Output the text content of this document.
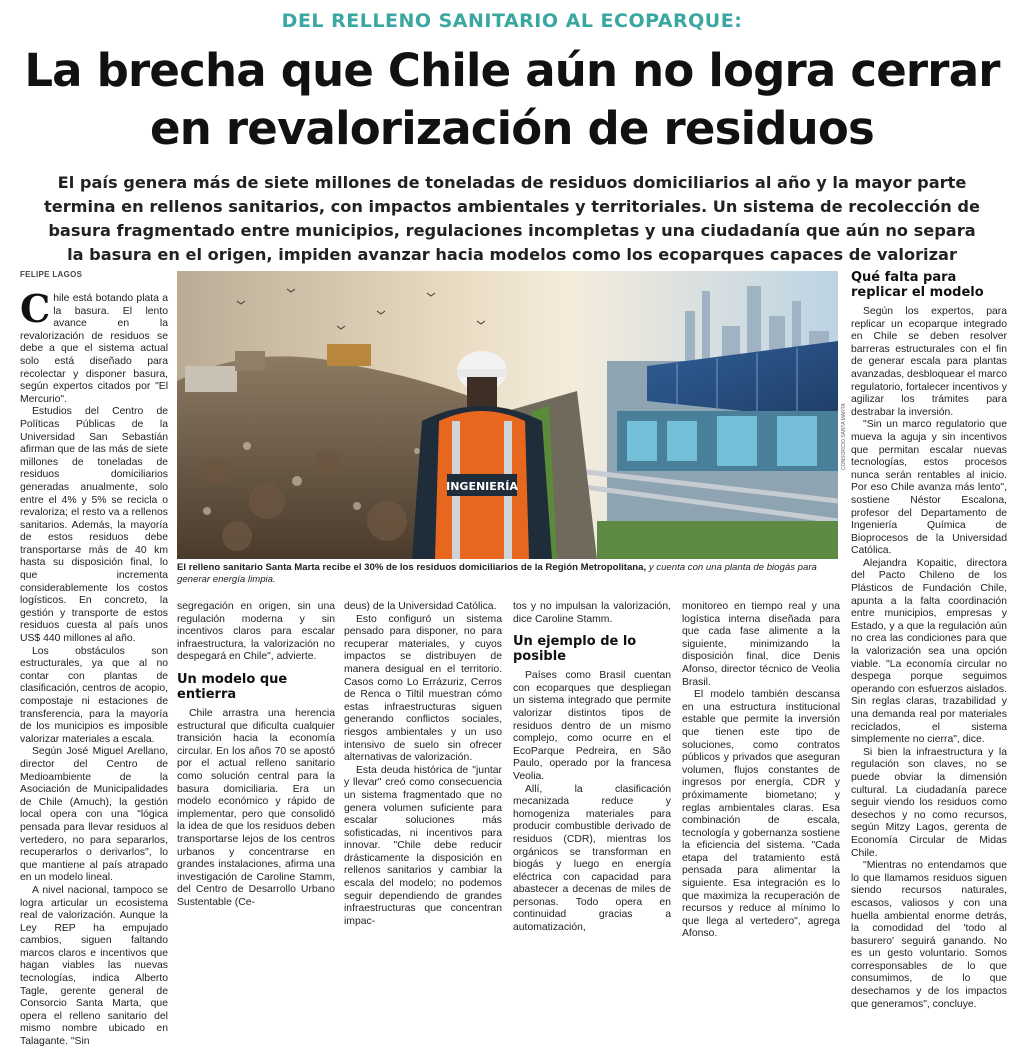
DEL RELLENO SANITARIO AL ECOPARQUE:
La brecha que Chile aún no logra cerrar
en revalorización de residuos
El país genera más de siete millones de toneladas de residuos domiciliarios al año y la mayor parte termina en rellenos sanitarios, con impactos ambientales y territoriales. Un sistema de recolección de basura fragmentado entre municipios, regulaciones incompletas y una ciudadanía que aún no separa la basura en el origen, impiden avanzar hacia modelos como los ecoparques capaces de valorizar
FELIPE LAGOS

Chile está botando plata a la basura. El lento avance en la revalorización de residuos se debe a que el sistema actual solo está diseñado para recolectar y disponer basura, según expertos citados por "El Mercurio".

Estudios del Centro de Políticas Públicas de la Universidad San Sebastián afirman que de las más de siete millones de toneladas de residuos domiciliarios generadas anualmente, solo entre el 4% y 5% se recicla o revaloriza; el resto va a rellenos sanitarios. Además, la mayoría de estos residuos debe transportarse más de 40 km hasta su disposición final, lo que incrementa considerablemente los costos logísticos. En concreto, la gestión y transporte de estos residuos cuesta al país unos US$ 440 millones al año.

Los obstáculos son estructurales, ya que al no contar con plantas de clasificación, centros de acopio, compostaje ni estaciones de transferencia, para la mayoría de los municipios es imposible valorizar materiales a escala.

Según José Miguel Arellano, director del Centro de Medioambiente de la Asociación de Municipalidades de Chile (Amuch), la gestión local opera con una "lógica pensada para llevar residuos al vertedero, no para separarlos, recuperarlos o derivarlos", lo que mantiene al país atrapado en un modelo lineal.

A nivel nacional, tampoco se logra articular un ecosistema real de valorización. Aunque la Ley REP ha empujado cambios, siguen faltando marcos claros e incentivos que hagan viables las nuevas tecnologías, indica Alberto Tagle, gerente general de Consorcio Santa Marta, que opera el relleno sanitario del mismo nombre ubicado en Talagante. "Sin

INGENIERÍA
CONSORCIO SANTA MARTA
El relleno sanitario Santa Marta recibe el 30% de los residuos domiciliarios de la Región Metropolitana, y cuenta con una planta de biogás para generar energía limpia.

segregación en origen, sin una regulación moderna y sin incentivos claros para escalar infraestructura, la valorización no despegará en Chile", advierte.

Un modelo que entierra

Chile arrastra una herencia estructural que dificulta cualquier transición hacia la economía circular. En los años 70 se apostó por el actual relleno sanitario como solución central para la basura domiciliaria. Era un modelo económico y rápido de implementar, pero que consolidó la idea de que los residuos deben transportarse lejos de los centros urbanos y concentrarse en grandes instalaciones, afirma una investigación de Caroline Stamm, del Centro de Desarrollo Urbano Sustentable (Ce-

deus) de la Universidad Católica.

Esto configuró un sistema pensado para disponer, no para recuperar materiales, y cuyos impactos se distribuyen de manera desigual en el territorio. Casos como Lo Errázuriz, Cerros de Renca o Tiltil muestran cómo estas infraestructuras siguen generando conflictos sociales, riesgos ambientales y un uso intensivo de suelo sin ofrecer alternativas de valorización.

Esta deuda histórica de "juntar y llevar" creó como consecuencia un sistema fragmentado que no genera volumen suficiente para escalar soluciones más sofisticadas, ni incentivos para innovar. "Chile debe reducir drásticamente la disposición en rellenos sanitarios y cambiar la escala del modelo; no podemos seguir dependiendo de grandes infraestructuras que concentran impac-

tos y no impulsan la valorización, dice Caroline Stamm.

Un ejemplo de lo posible

Países como Brasil cuentan con ecoparques que despliegan un sistema integrado que permite valorizar distintos tipos de residuos dentro de un mismo complejo, como ocurre en el EcoParque Pedreira, en São Paulo, operado por la francesa Veolia.

Allí, la clasificación mecanizada reduce y homogeniza materiales para producir combustible derivado de residuos (CDR), mientras los orgánicos se transforman en biogás y luego en energía eléctrica con capacidad para abastecer a decenas de miles de personas. Todo opera en continuidad gracias a automatización,

monitoreo en tiempo real y una logística interna diseñada para que cada fase alimente a la siguiente, minimizando la disposición final, dice Denis Afonso, director técnico de Veolia Brasil.

El modelo también descansa en una estructura institucional estable que permite la inversión que tienen este tipo de soluciones, como contratos públicos y privados que aseguran volumen, flujos constantes de ingresos por energía, CDR y próximamente biometano; y reglas ambientales claras. Esa combinación de escala, tecnología y gobernanza sostiene la eficiencia del sistema. "Cada etapa del tratamiento está pensada para alimentar la siguiente. Esa integración es lo que maximiza la recuperación de recursos y reduce al mínimo lo que llega al vertedero", agrega Afonso.

Qué falta para replicar el modelo

Según los expertos, para replicar un ecoparque integrado en Chile se deben resolver barreras estructurales con el fin de generar escala para plantas avanzadas, desbloquear el marco regulatorio, fortalecer incentivos y agilizar los trámites para destrabar la inversión.

"Sin un marco regulatorio que mueva la aguja y sin incentivos que permitan escalar nuevas tecnologías, estos procesos nunca serán rentables al inicio. Por eso Chile avanza más lento", sostiene Néstor Escalona, profesor del Departamento de Ingeniería Química de Bioprocesos de la Universidad Católica.

Alejandra Kopaitic, directora del Pacto Chileno de los Plásticos de Fundación Chile, apunta a la falta coordinación entre municipios, empresas y Estado, y a que la regulación aún no crea las condiciones para que la valorización sea una opción viable. "La economía circular no despega porque seguimos operando con esfuerzos aislados. Sin reglas claras, trazabilidad y una demanda real por materiales reciclados, el sistema simplemente no cierra", dice.

Si bien la infraestructura y la regulación son claves, no se puede obviar la dimensión cultural. La ciudadanía parece seguir viendo los residuos como desechos y no como recursos, según Mitzy Lagos, gerenta de Economía Circular de Midas Chile.

"Mientras no entendamos que lo que llamamos residuos siguen siendo recursos naturales, escasos, valiosos y con una huella ambiental enorme detrás, la comodidad del 'todo al basurero' seguirá ganando. No es un gesto voluntario. Somos corresponsables de lo que consumimos, de lo que desechamos y de los impactos que generamos", concluye.
